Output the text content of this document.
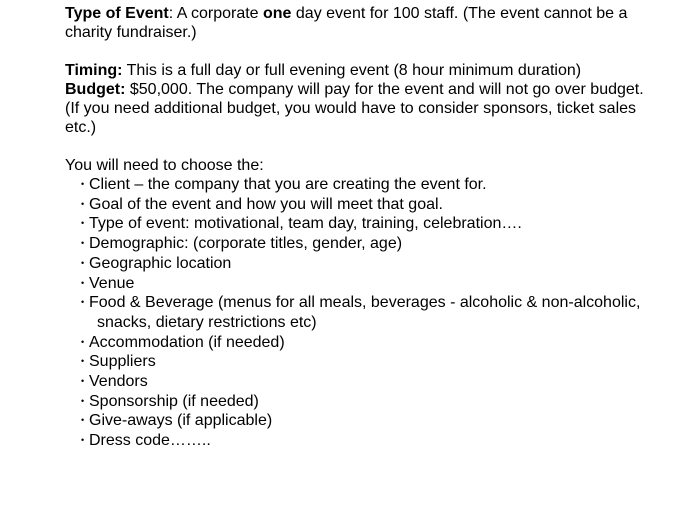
Type of Event: A corporate one day event for 100 staff. (The event cannot be a charity fundraiser.)

Timing: This is a full day or full evening event (8 hour minimum duration)

Budget: $50,000. The company will pay for the event and will not go over budget.

(If you need additional budget, you would have to consider sponsors, ticket sales etc.)

You will need to choose the:

• Client – the company that you are creating the event for.
• Goal of the event and how you will meet that goal.
• Type of event: motivational, team day, training, celebration….
• Demographic: (corporate titles, gender, age)
• Geographic location
• Venue
• Food & Beverage (menus for all meals, beverages - alcoholic & non-alcoholic,
snacks, dietary restrictions etc)
• Accommodation (if needed)
• Suppliers
• Vendors
• Sponsorship (if needed)
• Give-aways (if applicable)
• Dress code……..
